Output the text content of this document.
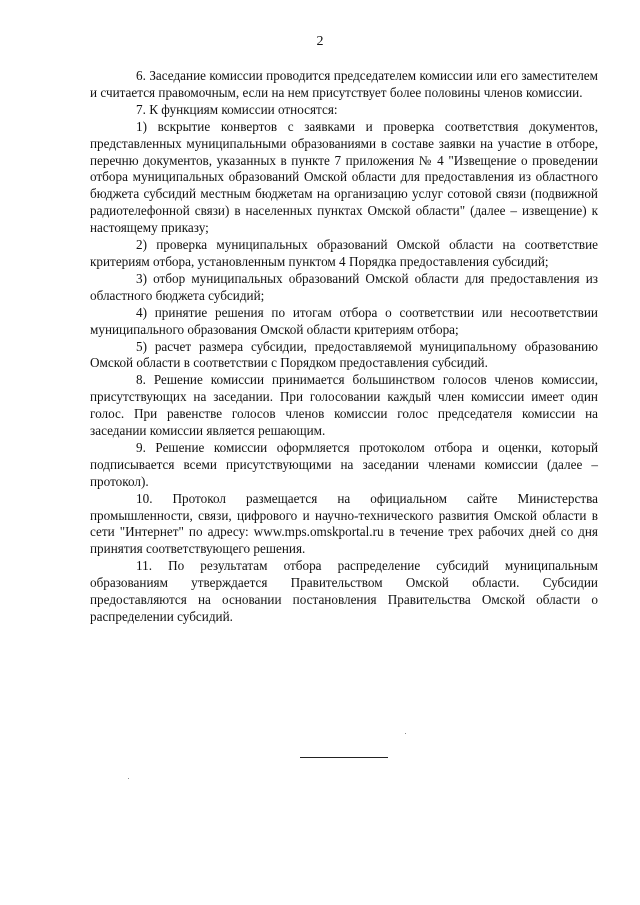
2

6. Заседание комиссии проводится председателем комиссии или его заместителем и считается правомочным, если на нем присутствует более половины членов комиссии.

7. К функциям комиссии относятся:

1) вскрытие конвертов с заявками и проверка соответствия документов, представленных муниципальными образованиями в составе заявки на участие в отборе, перечню документов, указанных в пункте 7 приложения № 4 "Извещение о проведении отбора муниципальных образований Омской области для предоставления из областного бюджета субсидий местным бюджетам на организацию услуг сотовой связи (подвижной радиотелефонной связи) в населенных пунктах Омской области" (далее – извещение) к настоящему приказу;

2) проверка муниципальных образований Омской области на соответствие критериям отбора, установленным пунктом 4 Порядка предоставления субсидий;

3) отбор муниципальных образований Омской области для предоставления из областного бюджета субсидий;

4) принятие решения по итогам отбора о соответствии или несоответствии муниципального образования Омской области критериям отбора;

5) расчет размера субсидии, предоставляемой муниципальному образованию Омской области в соответствии с Порядком предоставления субсидий.

8. Решение комиссии принимается большинством голосов членов комиссии, присутствующих на заседании. При голосовании каждый член комиссии имеет один голос. При равенстве голосов членов комиссии голос председателя комиссии на заседании комиссии является решающим.

9. Решение комиссии оформляется протоколом отбора и оценки, который подписывается всеми присутствующими на заседании членами комиссии (далее – протокол).

10. Протокол размещается на официальном сайте Министерства промышленности, связи, цифрового и научно-технического развития Омской области в сети "Интернет" по адресу: www.mps.omskportal.ru в течение трех рабочих дней со дня принятия соответствующего решения.

11. По результатам отбора распределение субсидий муниципальным образованиям утверждается Правительством Омской области. Субсидии предоставляются на основании постановления Правительства Омской области о распределении субсидий.
